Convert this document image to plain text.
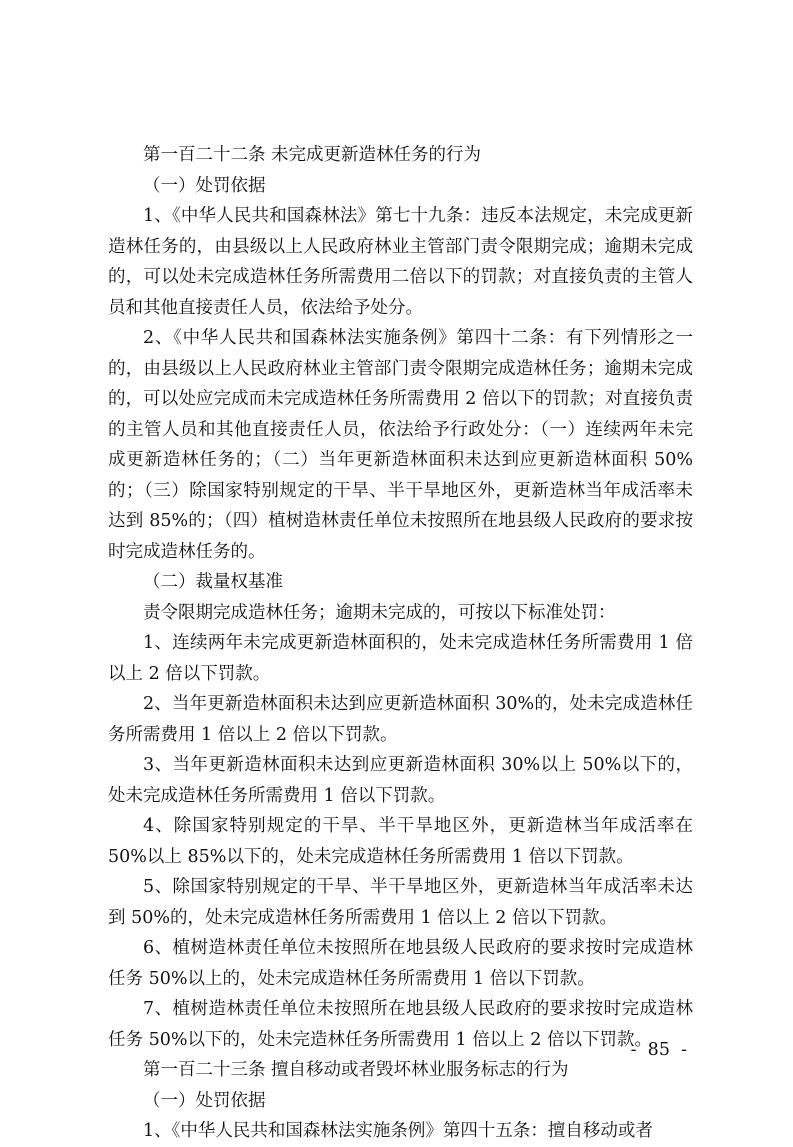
第一百二十二条 未完成更新造林任务的行为

（一）处罚依据

1、《中华人民共和国森林法》第七十九条：违反本法规定，未完成更新造林任务的，由县级以上人民政府林业主管部门责令限期完成；逾期未完成的，可以处未完成造林任务所需费用二倍以下的罚款；对直接负责的主管人员和其他直接责任人员，依法给予处分。

2、《中华人民共和国森林法实施条例》第四十二条：有下列情形之一的，由县级以上人民政府林业主管部门责令限期完成造林任务；逾期未完成的，可以处应完成而未完成造林任务所需费用 2 倍以下的罚款；对直接负责的主管人员和其他直接责任人员，依法给予行政处分：（一）连续两年未完成更新造林任务的；（二）当年更新造林面积未达到应更新造林面积 50%的；（三）除国家特别规定的干旱、半干旱地区外，更新造林当年成活率未达到 85%的；（四）植树造林责任单位未按照所在地县级人民政府的要求按时完成造林任务的。

（二）裁量权基准

责令限期完成造林任务；逾期未完成的，可按以下标准处罚：

1、连续两年未完成更新造林面积的，处未完成造林任务所需费用 1 倍以上 2 倍以下罚款。

2、当年更新造林面积未达到应更新造林面积 30%的，处未完成造林任务所需费用 1 倍以上 2 倍以下罚款。

3、当年更新造林面积未达到应更新造林面积 30%以上 50%以下的，处未完成造林任务所需费用 1 倍以下罚款。

4、除国家特别规定的干旱、半干旱地区外，更新造林当年成活率在 50%以上 85%以下的，处未完成造林任务所需费用 1 倍以下罚款。

5、除国家特别规定的干旱、半干旱地区外，更新造林当年成活率未达到 50%的，处未完成造林任务所需费用 1 倍以上 2 倍以下罚款。

6、植树造林责任单位未按照所在地县级人民政府的要求按时完成造林任务 50%以上的，处未完成造林任务所需费用 1 倍以下罚款。

7、植树造林责任单位未按照所在地县级人民政府的要求按时完成造林任务 50%以下的，处未完造林任务所需费用 1 倍以上 2 倍以下罚款。

第一百二十三条 擅自移动或者毁坏林业服务标志的行为

（一）处罚依据

1、《中华人民共和国森林法实施条例》第四十五条：擅自移动或者

-  85  -
